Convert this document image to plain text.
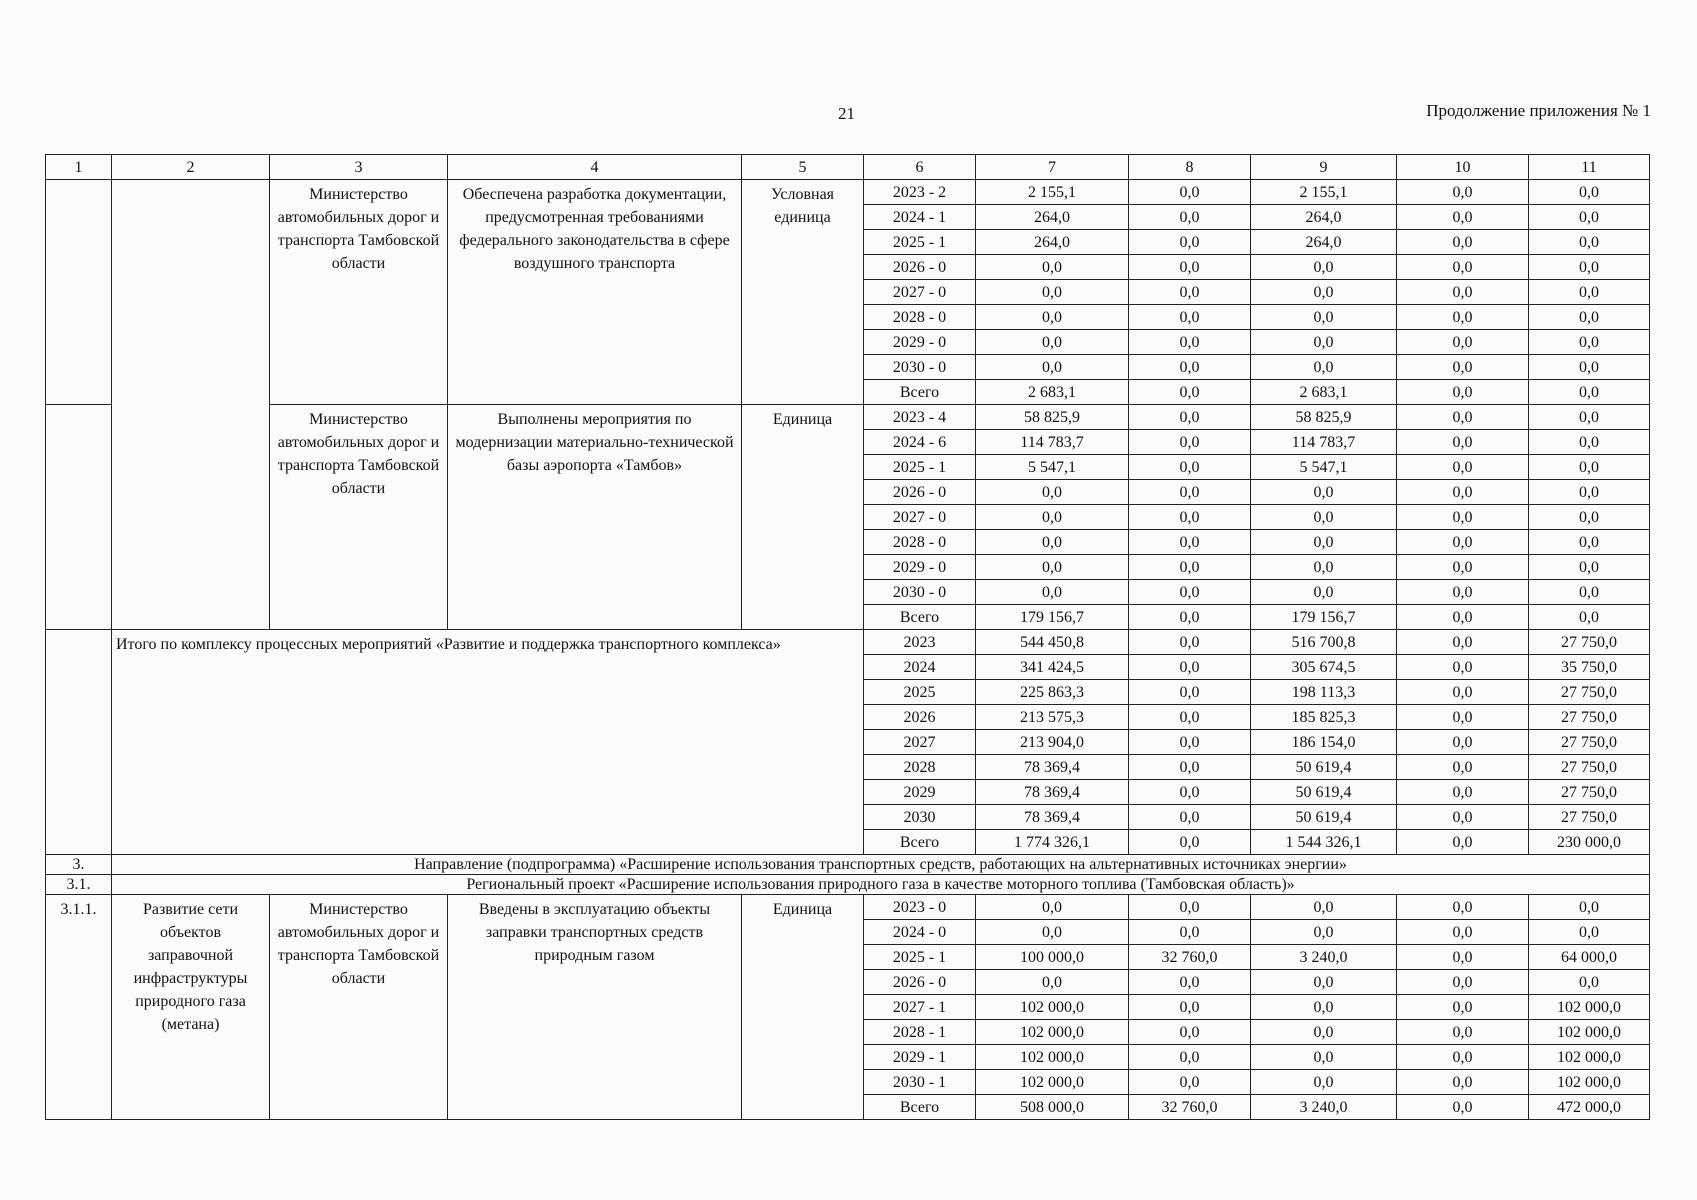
21	Продолжение приложения № 1
1	2	3	4	5	6	7	8	9	10	11
		Министерство автомобильных дорог и транспорта Тамбовской области	Обеспечена разработка документации, предусмотренная требованиями федерального законодательства в сфере воздушного транспорта	Условная единица	2023 - 2	2 155,1	0,0	2 155,1	0,0	0,0
					2024 - 1	264,0	0,0	264,0	0,0	0,0
					2025 - 1	264,0	0,0	264,0	0,0	0,0
					2026 - 0	0,0	0,0	0,0	0,0	0,0
					2027 - 0	0,0	0,0	0,0	0,0	0,0
					2028 - 0	0,0	0,0	0,0	0,0	0,0
					2029 - 0	0,0	0,0	0,0	0,0	0,0
					2030 - 0	0,0	0,0	0,0	0,0	0,0
					Всего	2 683,1	0,0	2 683,1	0,0	0,0
		Министерство автомобильных дорог и транспорта Тамбовской области	Выполнены мероприятия по модернизации материально-технической базы аэропорта «Тамбов»	Единица	2023 - 4	58 825,9	0,0	58 825,9	0,0	0,0
					2024 - 6	114 783,7	0,0	114 783,7	0,0	0,0
					2025 - 1	5 547,1	0,0	5 547,1	0,0	0,0
					2026 - 0	0,0	0,0	0,0	0,0	0,0
					2027 - 0	0,0	0,0	0,0	0,0	0,0
					2028 - 0	0,0	0,0	0,0	0,0	0,0
					2029 - 0	0,0	0,0	0,0	0,0	0,0
					2030 - 0	0,0	0,0	0,0	0,0	0,0
					Всего	179 156,7	0,0	179 156,7	0,0	0,0
	Итого по комплексу процессных мероприятий «Развитие и поддержка транспортного комплекса»				2023	544 450,8	0,0	516 700,8	0,0	27 750,0
					2024	341 424,5	0,0	305 674,5	0,0	35 750,0
					2025	225 863,3	0,0	198 113,3	0,0	27 750,0
					2026	213 575,3	0,0	185 825,3	0,0	27 750,0
					2027	213 904,0	0,0	186 154,0	0,0	27 750,0
					2028	78 369,4	0,0	50 619,4	0,0	27 750,0
					2029	78 369,4	0,0	50 619,4	0,0	27 750,0
					2030	78 369,4	0,0	50 619,4	0,0	27 750,0
					Всего	1 774 326,1	0,0	1 544 326,1	0,0	230 000,0
3.	Направление (подпрограмма) «Расширение использования транспортных средств, работающих на альтернативных источниках энергии»									
3.1.	Региональный проект «Расширение использования природного газа в качестве моторного топлива (Тамбовская область)»									
3.1.1.	Развитие сети объектов заправочной инфраструктуры природного газа (метана)	Министерство автомобильных дорог и транспорта Тамбовской области	Введены в эксплуатацию объекты заправки транспортных средств природным газом	Единица	2023 - 0	0,0	0,0	0,0	0,0	0,0
					2024 - 0	0,0	0,0	0,0	0,0	0,0
					2025 - 1	100 000,0	32 760,0	3 240,0	0,0	64 000,0
					2026 - 0	0,0	0,0	0,0	0,0	0,0
					2027 - 1	102 000,0	0,0	0,0	0,0	102 000,0
					2028 - 1	102 000,0	0,0	0,0	0,0	102 000,0
					2029 - 1	102 000,0	0,0	0,0	0,0	102 000,0
					2030 - 1	102 000,0	0,0	0,0	0,0	102 000,0
					Всего	508 000,0	32 760,0	3 240,0	0,0	472 000,0
